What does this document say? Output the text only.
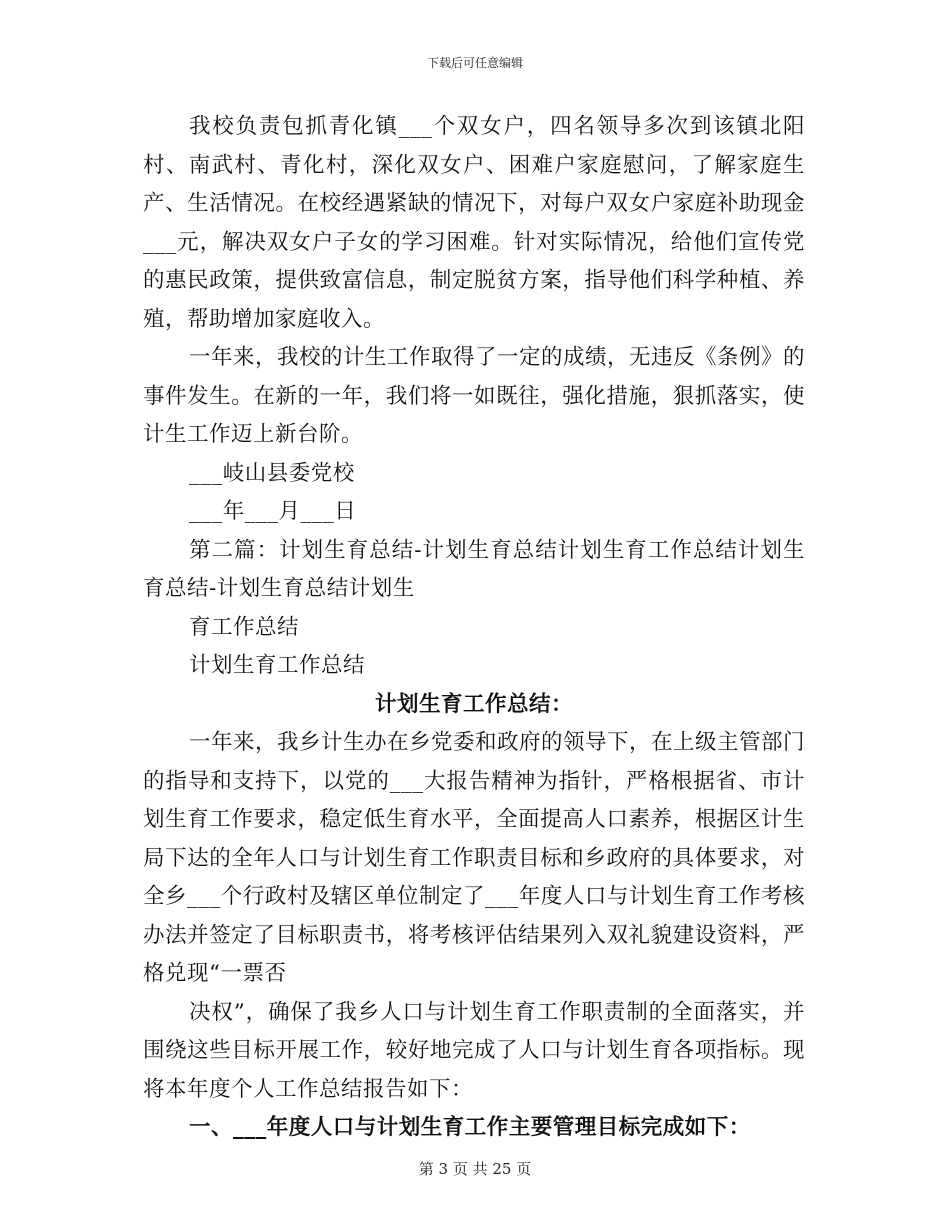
下载后可任意编辑

我校负责包抓青化镇___个双女户，四名领导多次到该镇北阳村、南武村、青化村，深化双女户、困难户家庭慰问，了解家庭生产、生活情况。在校经遇紧缺的情况下，对每户双女户家庭补助现金___元，解决双女户子女的学习困难。针对实际情况，给他们宣传党的惠民政策，提供致富信息，制定脱贫方案，指导他们科学种植、养殖，帮助增加家庭收入。

一年来，我校的计生工作取得了一定的成绩，无违反《条例》的事件发生。在新的一年，我们将一如既往，强化措施，狠抓落实，使计生工作迈上新台阶。

___岐山县委党校

___年___月___日

第二篇：计划生育总结-计划生育总结计划生育工作总结计划生育总结-计划生育总结计划生

育工作总结

计划生育工作总结

计划生育工作总结：

一年来，我乡计生办在乡党委和政府的领导下，在上级主管部门的指导和支持下，以党的___大报告精神为指针，严格根据省、市计划生育工作要求，稳定低生育水平，全面提高人口素养，根据区计生局下达的全年人口与计划生育工作职责目标和乡政府的具体要求，对全乡___个行政村及辖区单位制定了___年度人口与计划生育工作考核办法并签定了目标职责书，将考核评估结果列入双礼貌建设资料，严格兑现“一票否

决权”，确保了我乡人口与计划生育工作职责制的全面落实，并围绕这些目标开展工作，较好地完成了人口与计划生育各项指标。现将本年度个人工作总结报告如下：

一、___年度人口与计划生育工作主要管理目标完成如下：

第 3 页 共 25 页
